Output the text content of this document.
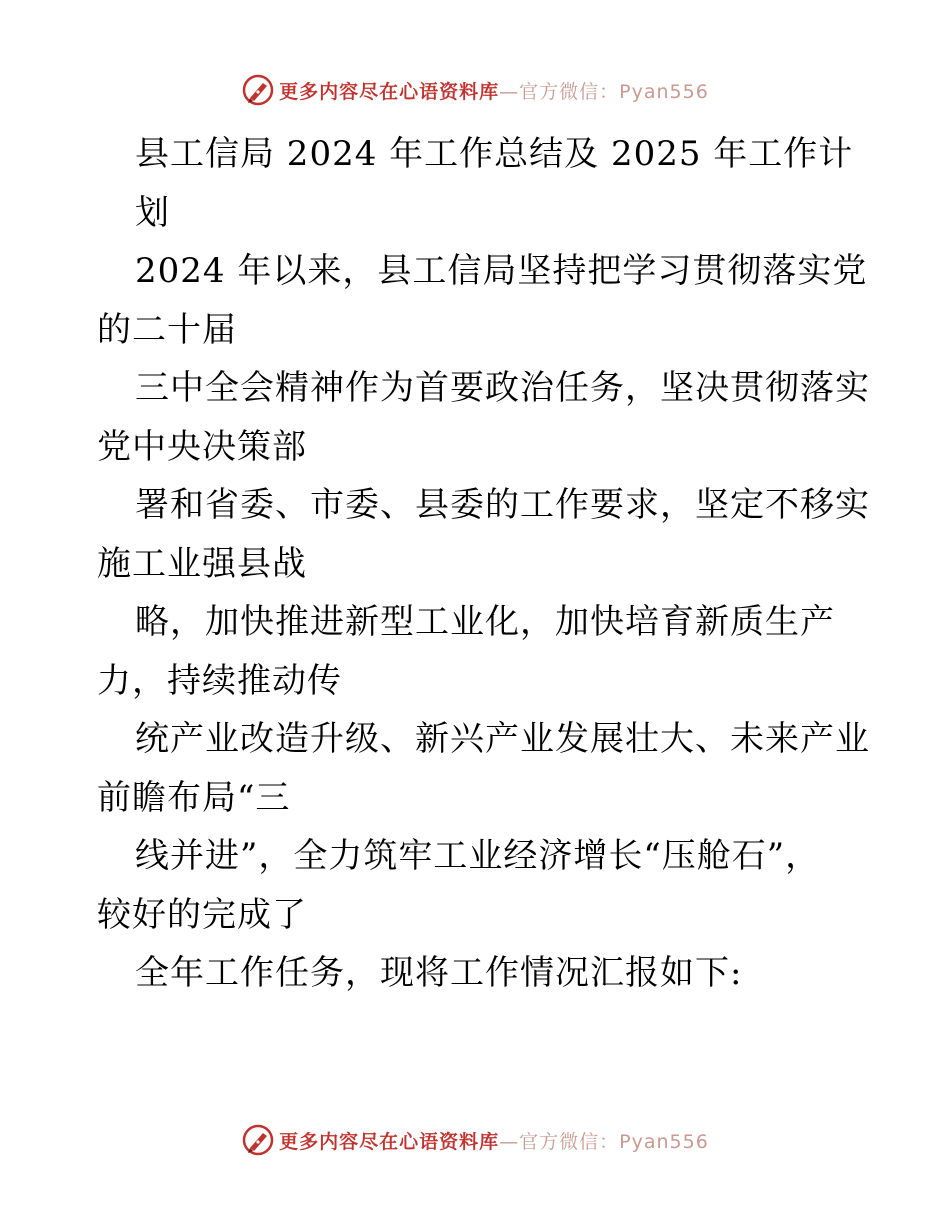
更多内容尽在心语资料库—官方微信：Pyan556
县工信局 2024 年工作总结及 2025 年工作计
划
2024 年以来，县工信局坚持把学习贯彻落实党
的二十届
三中全会精神作为首要政治任务，坚决贯彻落实
党中央决策部
署和省委、市委、县委的工作要求，坚定不移实
施工业强县战
略，加快推进新型工业化，加快培育新质生产
力，持续推动传
统产业改造升级、新兴产业发展壮大、未来产业
前瞻布局“三
线并进”，全力筑牢工业经济增长“压舱石”，
较好的完成了
全年工作任务，现将工作情况汇报如下:
更多内容尽在心语资料库—官方微信：Pyan556
